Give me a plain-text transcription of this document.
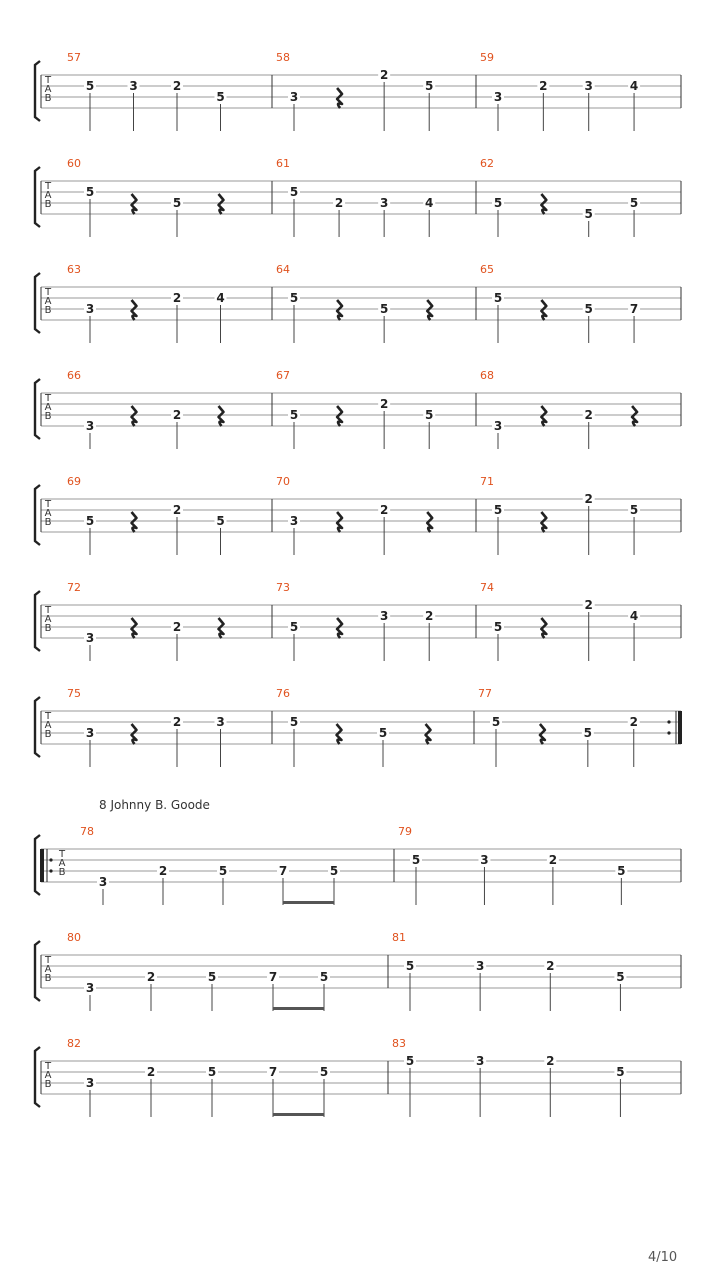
T
A
B
57
5	3	2
5
58
3
2
5
59
3
2	3	4
T
A
B
60
5
5
61
5
2	3	4
62
5
5
5
T
A
B
63
3
2	4
64
5
5
65
5
5	7
T
A
B
66
3
2
67
5
2
5
68
3
2
T
A
B
69
5
2
5
70
3
2
71
5
2
5
T
A
B
72
3
2
73
5
3	2
74
5
2
4
T
A
B
75
3
2	3
76
5
5
77
5
5
2
T
A
B
8 Johnny B. Goode
78
3
2	5	7	5
79
5	3	2
5
T
A
B
80
3
2	5	7	5
81
5	3	2
5
T
A
B
82
3
2	5	7	5
83
5	3	2
5
4/10
